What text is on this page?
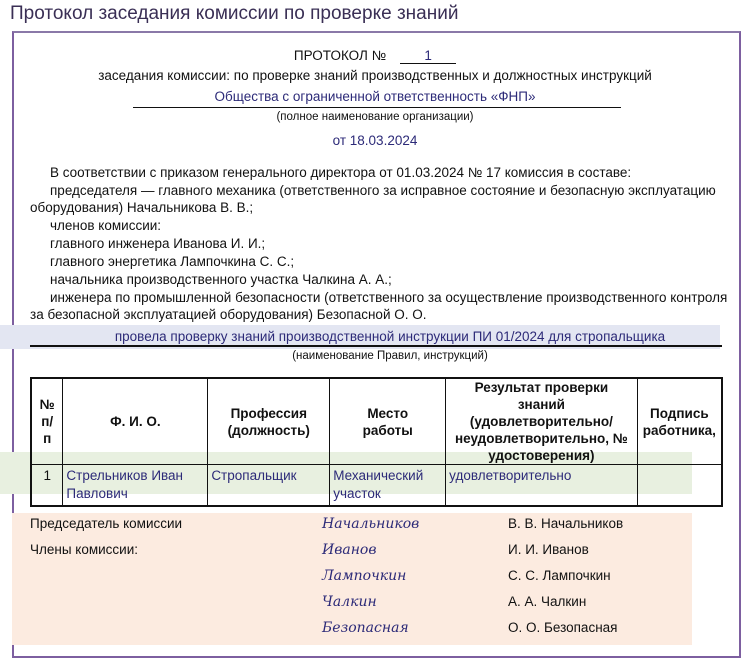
Протокол заседания комиссии по проверке знаний
ПРОТОКОЛ №	1
заседания комиссии: по проверке знаний производственных и должностных инструкций
Общества с ограниченной ответственность «ФНП»
(полное наименование организации)
от 18.03.2024
В соответствии с приказом генерального директора от 01.03.2024 № 17 комиссия в составе:
председателя — главного механика (ответственного за исправное состояние и безопасную эксплуатацию оборудования) Начальникова В. В.;
членов комиссии:
главного инженера Иванова И. И.;
главного энергетика Лампочкина С. С.;
начальника производственного участка Чалкина А. А.;
инженера по промышленной безопасности (ответственного за осуществление производственного контроля за безопасной эксплуатацией оборудования) Безопасной О. О.
провела проверку знаний производственной инструкции ПИ 01/2024 для стропальщика
(наименование Правил, инструкций)
№ п/п	Ф. И. О.	Профессия (должность)	Место работы	Результат проверки знаний (удовлетворительно/ неудовлетворительно, № удостоверения)	Подпись работника,
1	Стрельников Иван Павлович	Стропальщик	Механический участок	удовлетворительно	
Председатель комиссии
Члены комиссии:
Начальников	В. В. Начальников
Иванов	И. И. Иванов
Лампочкин	С. С. Лампочкин
Чалкин	А. А. Чалкин
Безопасная	О. О. Безопасная
